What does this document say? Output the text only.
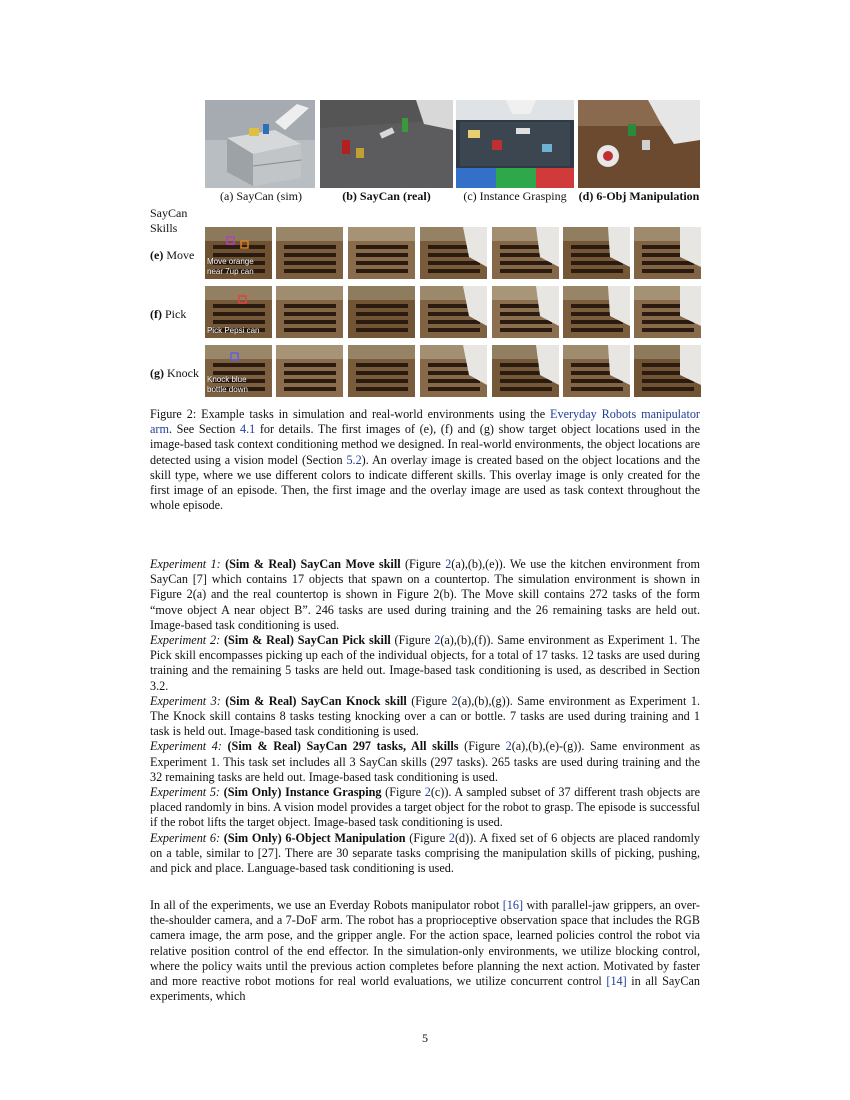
(a) SayCan (sim)	(b) SayCan (real)	(c) Instance Grasping	(d) 6-Obj Manipulation
SayCan
Skills
(e) Move
(f) Pick
(g) Knock
Move orange
near 7up can
Pick Pepsi can
Knock blue
bottle down
Figure 2: Example tasks in simulation and real-world environments using the Everyday Robots manipulator arm. See Section 4.1 for details. The first images of (e), (f) and (g) show target object locations used in the image-based task context conditioning method we designed. In real-world environments, the object locations are detected using a vision model (Section 5.2). An overlay image is created based on the object locations and the skill type, where we use different colors to indicate different skills. This overlay image is only created for the first image of an episode. Then, the first image and the overlay image are used as task context throughout the whole episode.

Experiment 1: (Sim & Real) SayCan Move skill (Figure 2(a),(b),(e)). We use the kitchen environment from SayCan [7] which contains 17 objects that spawn on a countertop. The simulation environment is shown in Figure 2(a) and the real countertop is shown in Figure 2(b). The Move skill contains 272 tasks of the form “move object A near object B”. 246 tasks are used during training and the 26 remaining tasks are held out. Image-based task conditioning is used.

Experiment 2: (Sim & Real) SayCan Pick skill (Figure 2(a),(b),(f)). Same environment as Experiment 1. The Pick skill encompasses picking up each of the individual objects, for a total of 17 tasks. 12 tasks are used during training and the remaining 5 tasks are held out. Image-based task conditioning is used, as described in Section 3.2.

Experiment 3: (Sim & Real) SayCan Knock skill (Figure 2(a),(b),(g)). Same environment as Experiment 1. The Knock skill contains 8 tasks testing knocking over a can or bottle. 7 tasks are used during training and 1 task is held out. Image-based task conditioning is used.

Experiment 4: (Sim & Real) SayCan 297 tasks, All skills (Figure 2(a),(b),(e)-(g)). Same environment as Experiment 1. This task set includes all 3 SayCan skills (297 tasks). 265 tasks are used during training and the 32 remaining tasks are held out. Image-based task conditioning is used.

Experiment 5: (Sim Only) Instance Grasping (Figure 2(c)). A sampled subset of 37 different trash objects are placed randomly in bins. A vision model provides a target object for the robot to grasp. The episode is successful if the robot lifts the target object. Image-based task conditioning is used.

Experiment 6: (Sim Only) 6-Object Manipulation (Figure 2(d)). A fixed set of 6 objects are placed randomly on a table, similar to [27]. There are 30 separate tasks comprising the manipulation skills of picking, pushing, and pick and place. Language-based task conditioning is used.

In all of the experiments, we use an Everday Robots manipulator robot [16] with parallel-jaw grippers, an over-the-shoulder camera, and a 7-DoF arm. The robot has a proprioceptive observation space that includes the RGB camera image, the arm pose, and the gripper angle. For the action space, learned policies control the robot via relative position control of the end effector. In the simulation-only environments, we utilize blocking control, where the policy waits until the previous action completes before planning the next action. Motivated by faster and more reactive robot motions for real world evaluations, we utilize concurrent control [14] in all SayCan experiments, which

5
